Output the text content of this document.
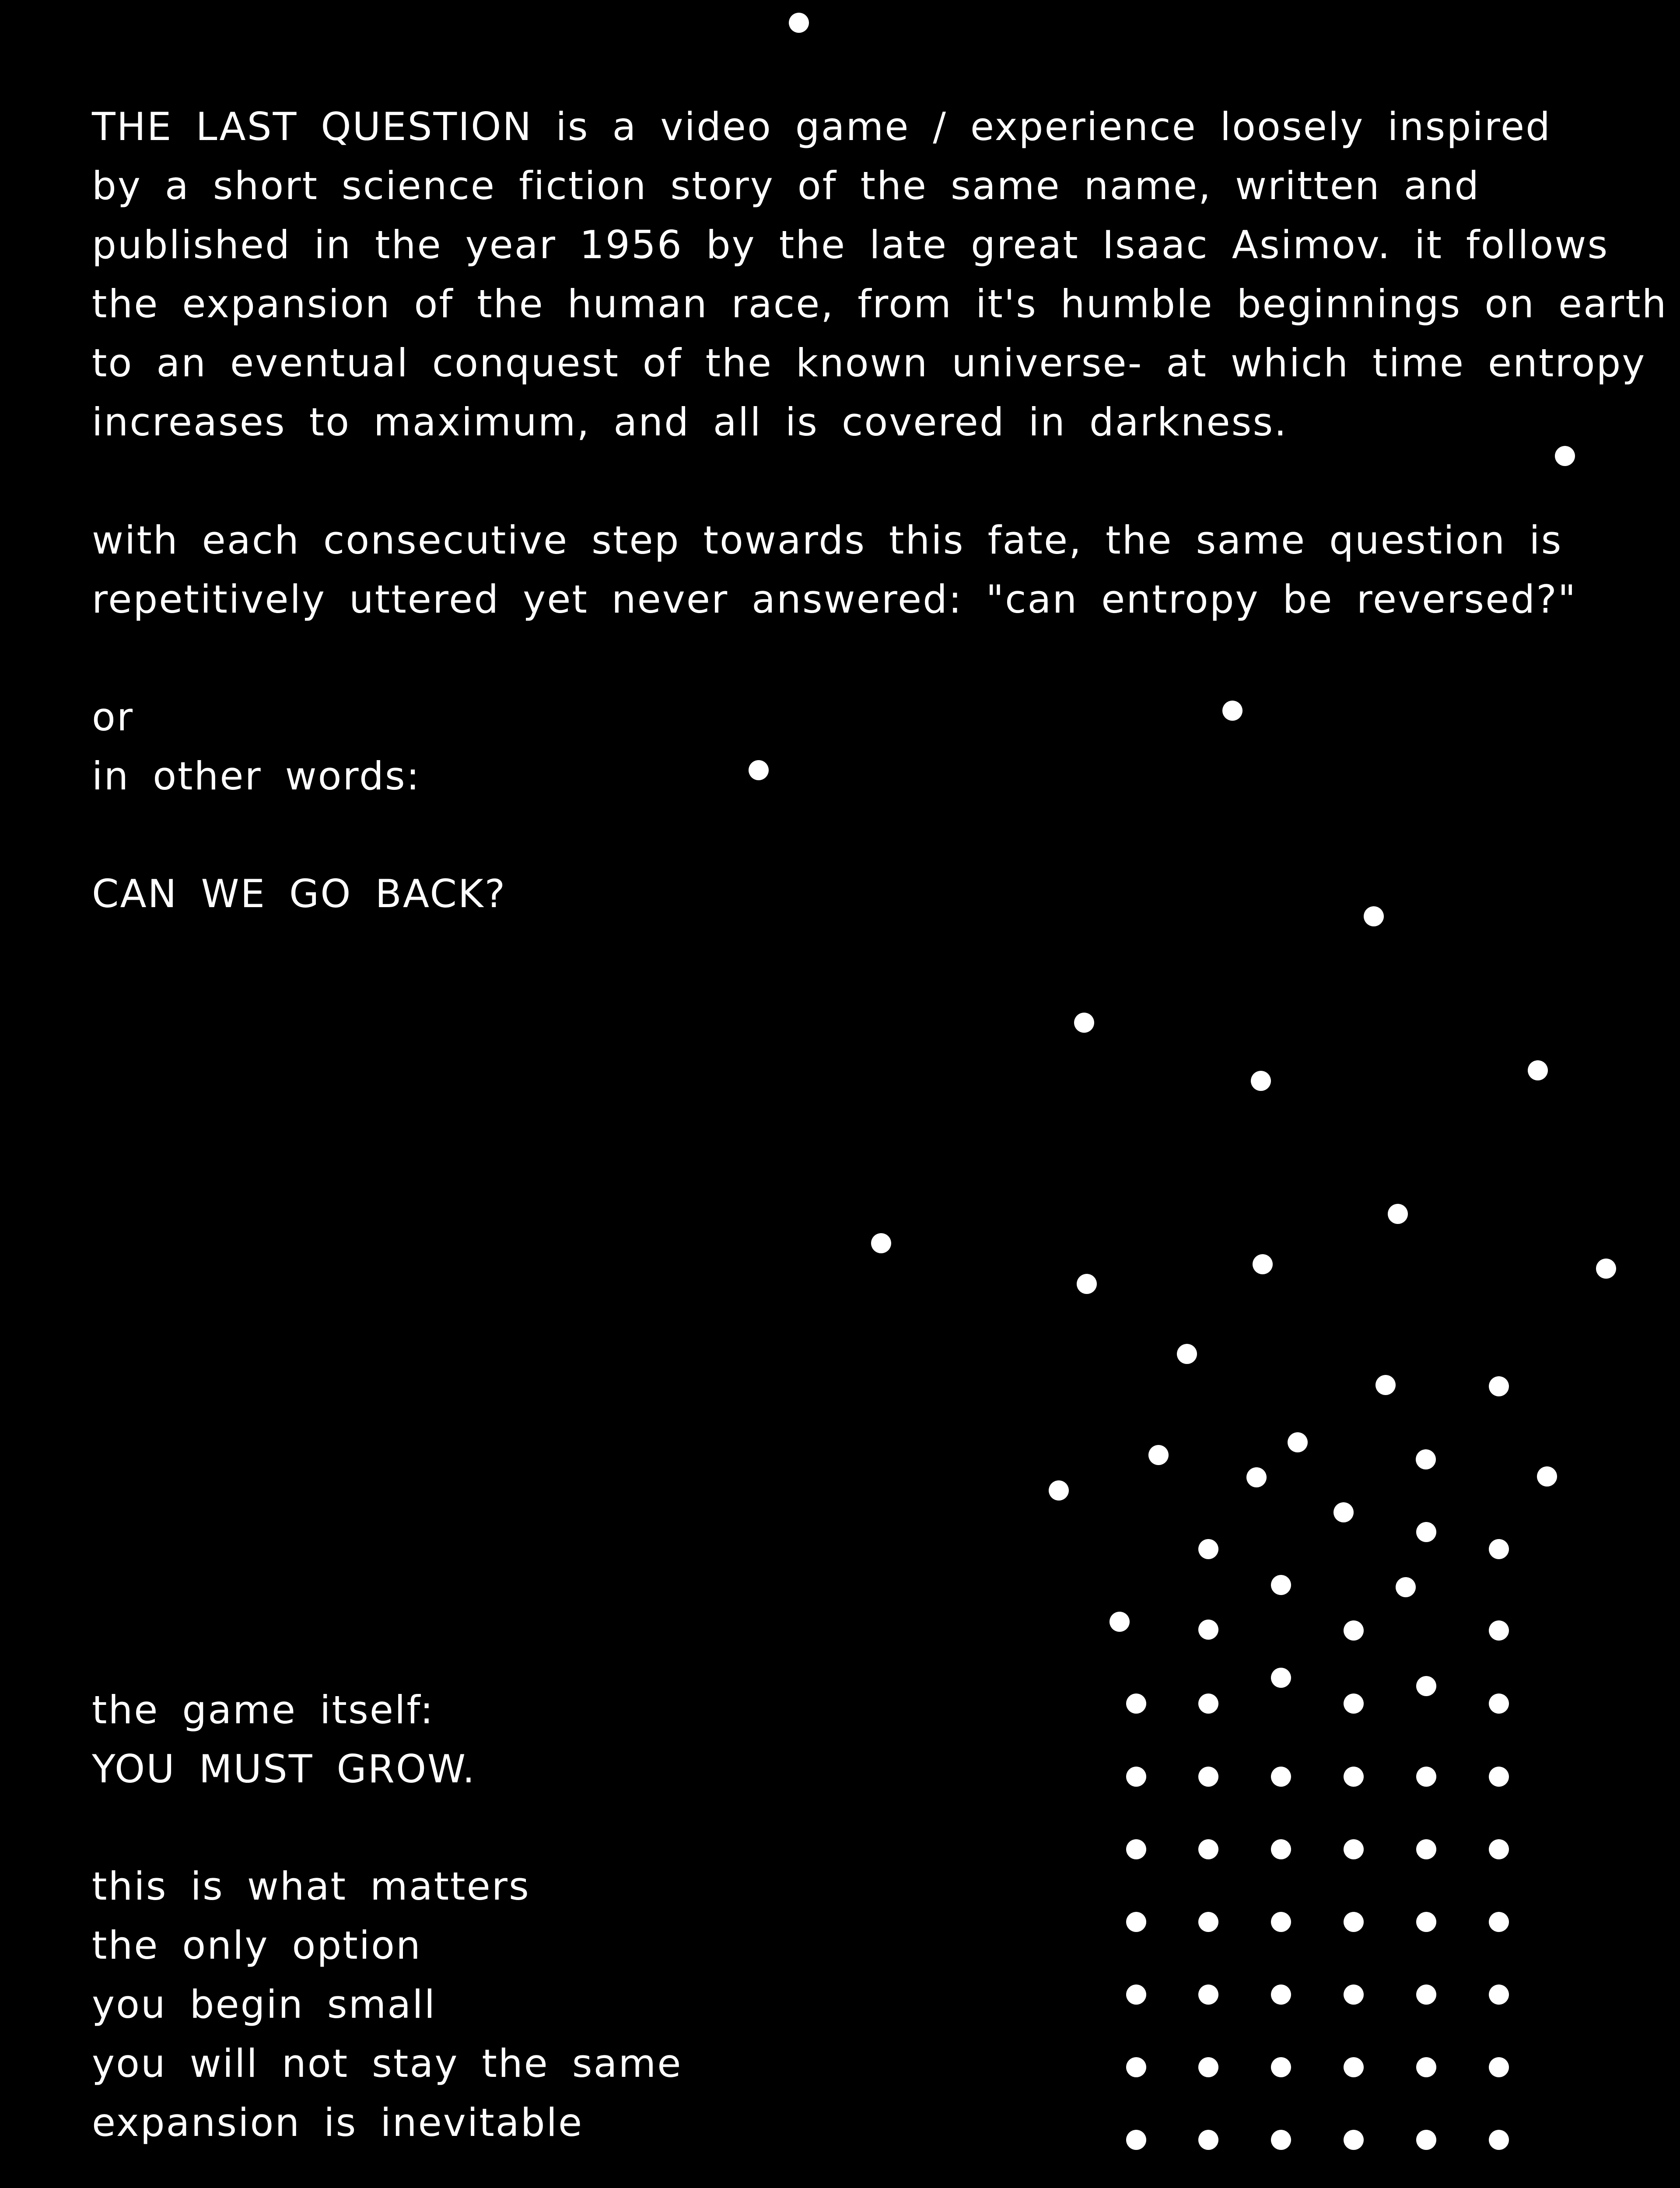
THE LAST QUESTION is a video game / experience loosely inspired
by a short science fiction story of the same name, written and
published in the year 1956 by the late great Isaac Asimov. it follows
the expansion of the human race, from it's humble beginnings on earth
to an eventual conquest of the known universe- at which time entropy
increases to maximum, and all is covered in darkness.
with each consecutive step towards this fate, the same question is
repetitively uttered yet never answered: "can entropy be reversed?"
or
in other words:
CAN WE GO BACK?
the game itself:
YOU MUST GROW.
this is what matters
the only option
you begin small
you will not stay the same
expansion is inevitable
